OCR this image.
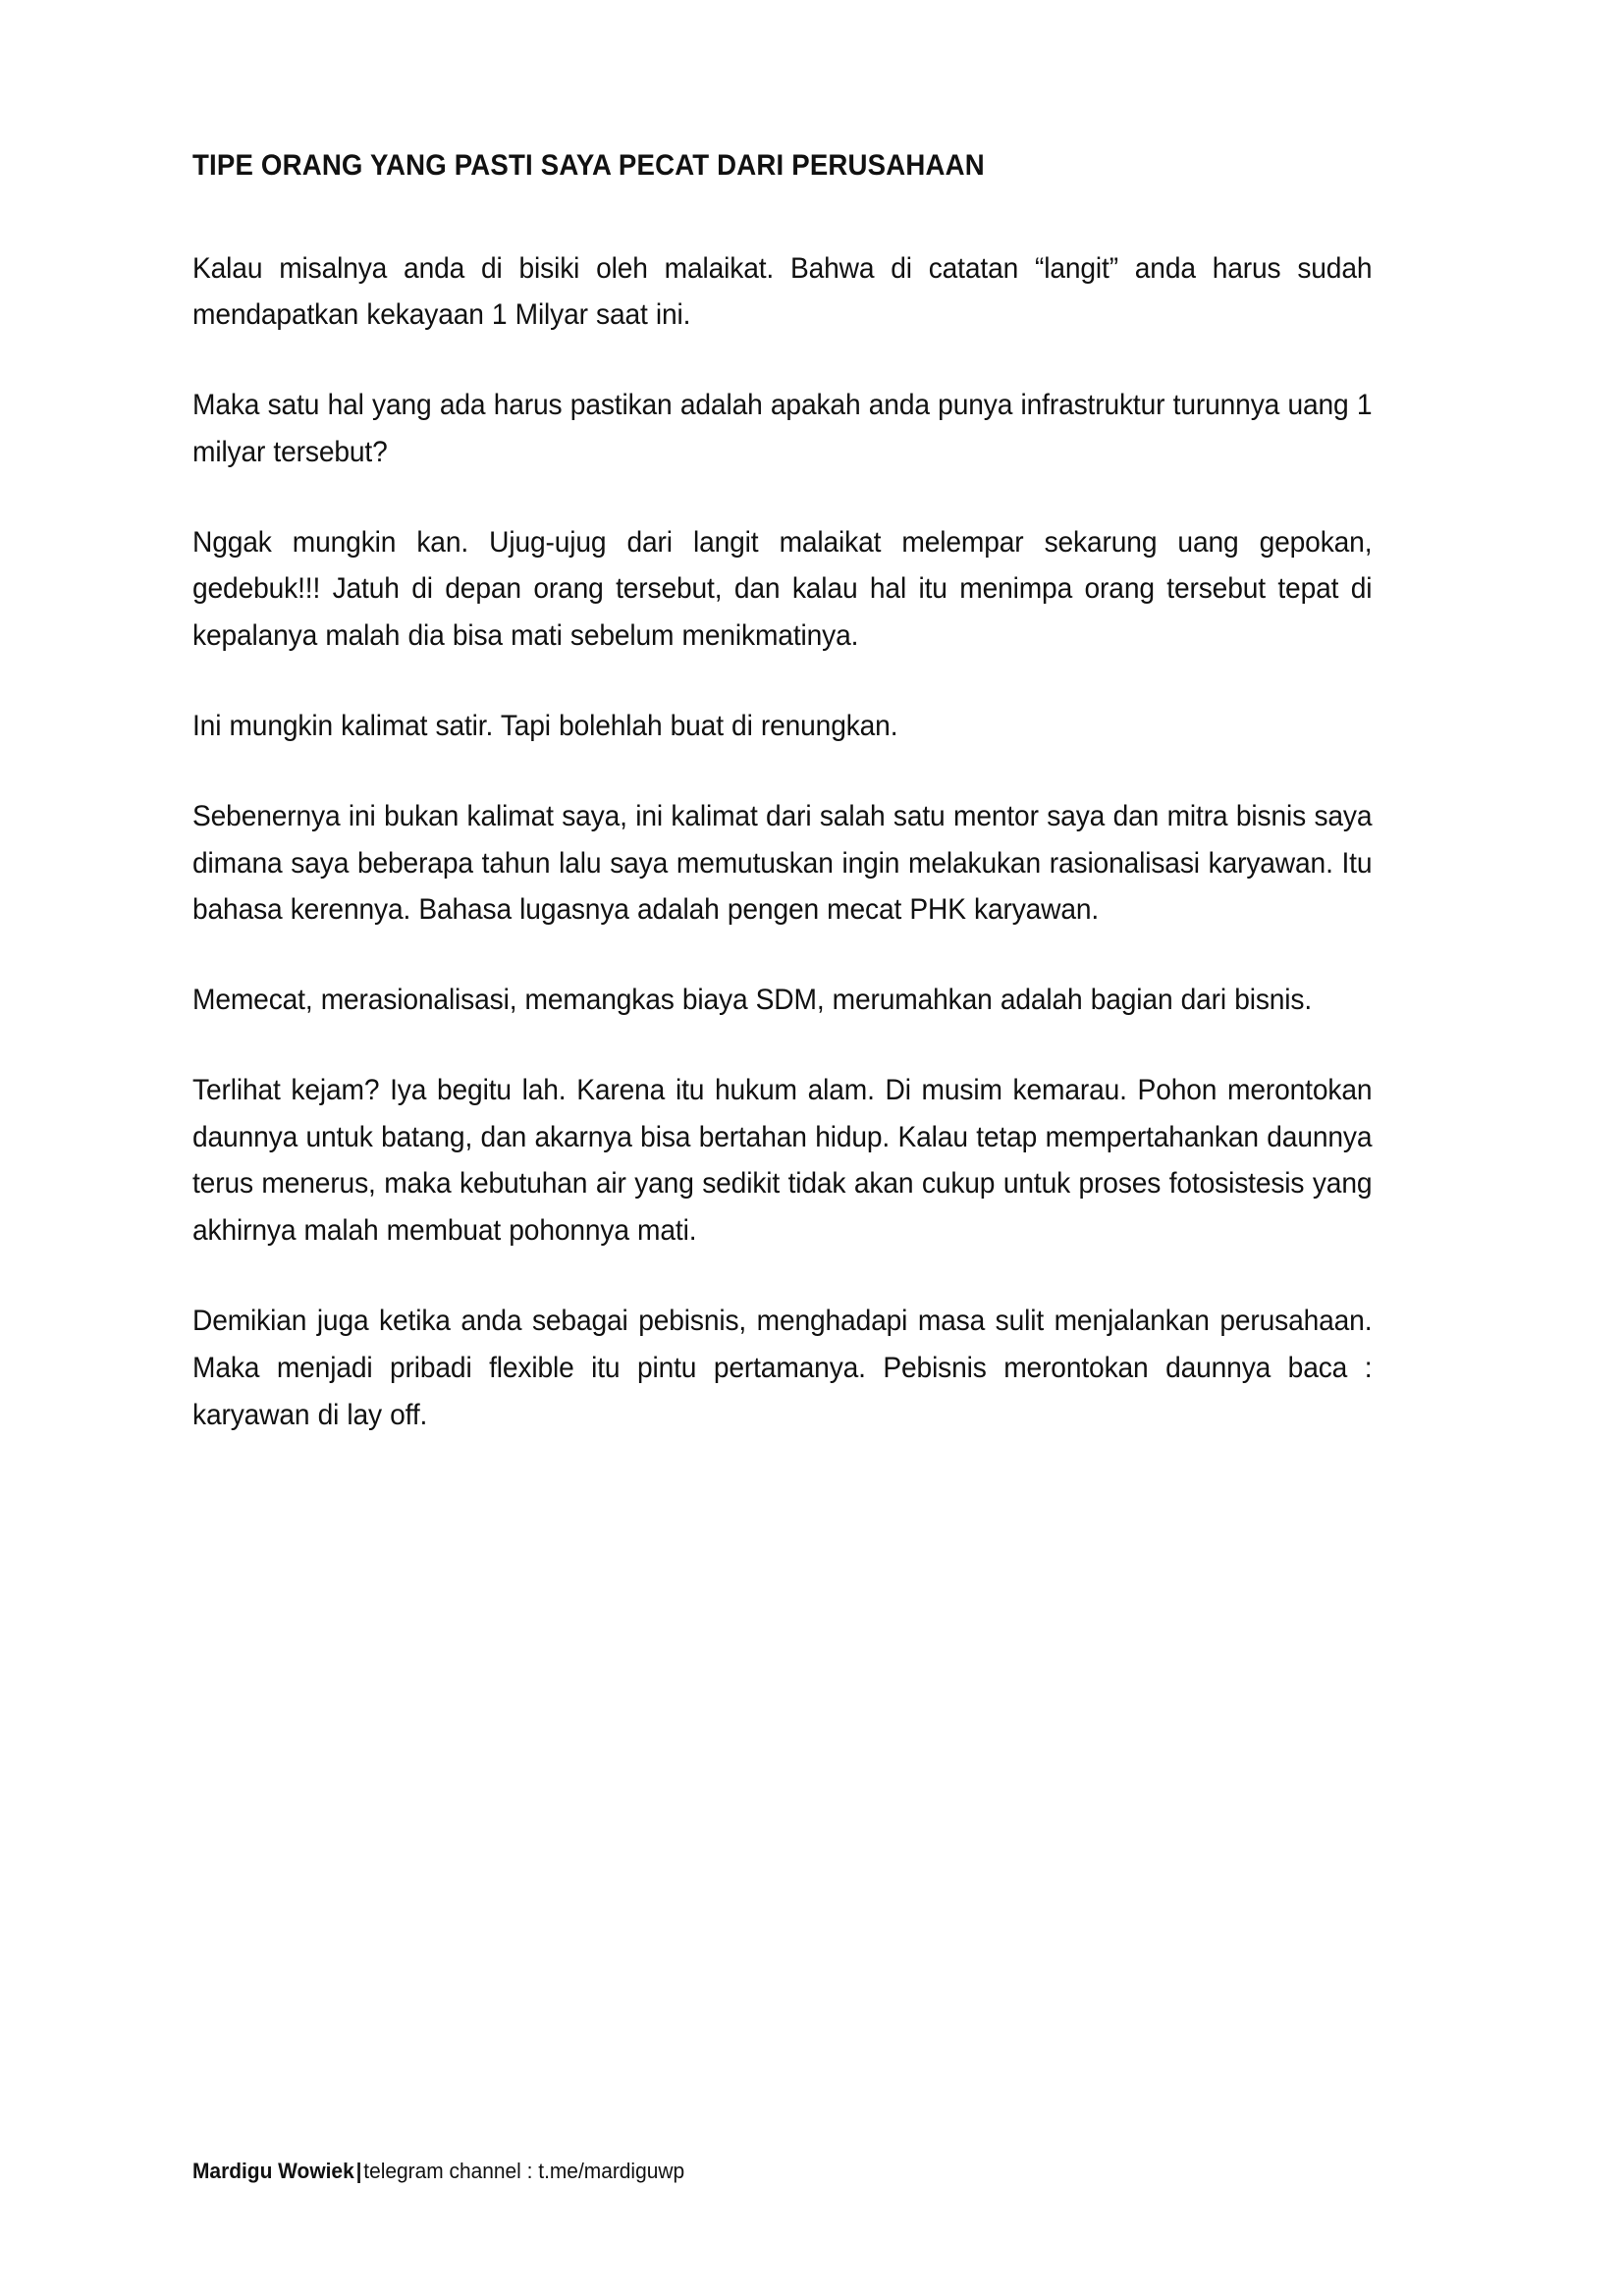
TIPE ORANG YANG PASTI SAYA PECAT DARI PERUSAHAAN

Kalau misalnya anda di bisiki oleh malaikat. Bahwa di catatan “langit” anda harus sudah mendapatkan kekayaan 1 Milyar saat ini.

Maka satu hal yang ada harus pastikan adalah apakah anda punya infrastruktur turunnya uang 1 milyar tersebut?

Nggak mungkin kan. Ujug-ujug dari langit malaikat melempar sekarung uang gepokan, gedebuk!!! Jatuh di depan orang tersebut, dan kalau hal itu menimpa orang tersebut tepat di kepalanya malah dia bisa mati sebelum menikmatinya.

Ini mungkin kalimat satir. Tapi bolehlah buat di renungkan.

Sebenernya ini bukan kalimat saya, ini kalimat dari salah satu mentor saya dan mitra bisnis saya dimana saya beberapa tahun lalu saya memutuskan ingin melakukan rasionalisasi karyawan. Itu bahasa kerennya. Bahasa lugasnya adalah pengen mecat PHK karyawan.

Memecat, merasionalisasi, memangkas biaya SDM, merumahkan adalah bagian dari bisnis.

Terlihat kejam? Iya begitu lah. Karena itu hukum alam. Di musim kemarau. Pohon merontokan daunnya untuk batang, dan akarnya bisa bertahan hidup. Kalau tetap mempertahankan daunnya terus menerus, maka kebutuhan air yang sedikit tidak akan cukup untuk proses fotosistesis yang akhirnya malah membuat pohonnya mati.

Demikian juga ketika anda sebagai pebisnis, menghadapi masa sulit menjalankan perusahaan. Maka menjadi pribadi flexible itu pintu pertamanya. Pebisnis merontokan daunnya baca : karyawan di lay off.

Mardigu Wowiek|telegram channel : t.me/mardiguwp
